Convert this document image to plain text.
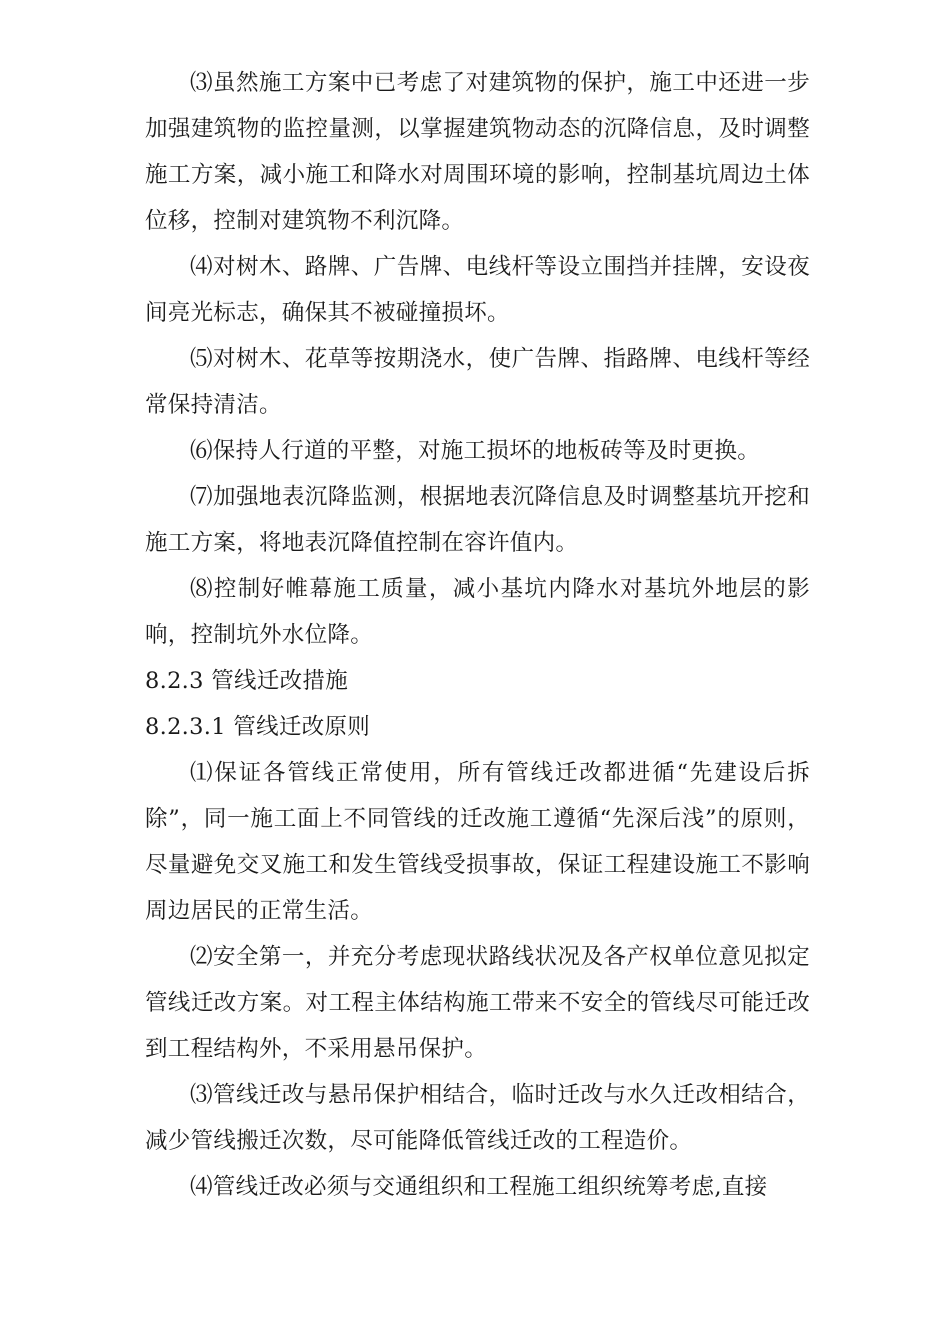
⑶虽然施工方案中已考虑了对建筑物的保护，施工中还进一步加强建筑物的监控量测，以掌握建筑物动态的沉降信息，及时调整施工方案，减小施工和降水对周围环境的影响，控制基坑周边土体位移，控制对建筑物不利沉降。

⑷对树木、路牌、广告牌、电线杆等设立围挡并挂牌，安设夜间亮光标志，确保其不被碰撞损坏。

⑸对树木、花草等按期浇水，使广告牌、指路牌、电线杆等经常保持清洁。

⑹保持人行道的平整，对施工损坏的地板砖等及时更换。

⑺加强地表沉降监测，根据地表沉降信息及时调整基坑开挖和施工方案，将地表沉降值控制在容许值内。

⑻控制好帷幕施工质量，减小基坑内降水对基坑外地层的影响，控制坑外水位降。

8.2.3 管线迁改措施

8.2.3.1 管线迁改原则

⑴保证各管线正常使用，所有管线迁改都进循“先建设后拆除”，同一施工面上不同管线的迁改施工遵循“先深后浅”的原则，尽量避免交叉施工和发生管线受损事故，保证工程建设施工不影响周边居民的正常生活。

⑵安全第一，并充分考虑现状路线状况及各产权单位意见拟定管线迁改方案。对工程主体结构施工带来不安全的管线尽可能迁改到工程结构外，不采用悬吊保护。

⑶管线迁改与悬吊保护相结合，临时迁改与水久迁改相结合，减少管线搬迁次数，尽可能降低管线迁改的工程造价。

⑷管线迁改必须与交通组织和工程施工组织统筹考虑,直接
